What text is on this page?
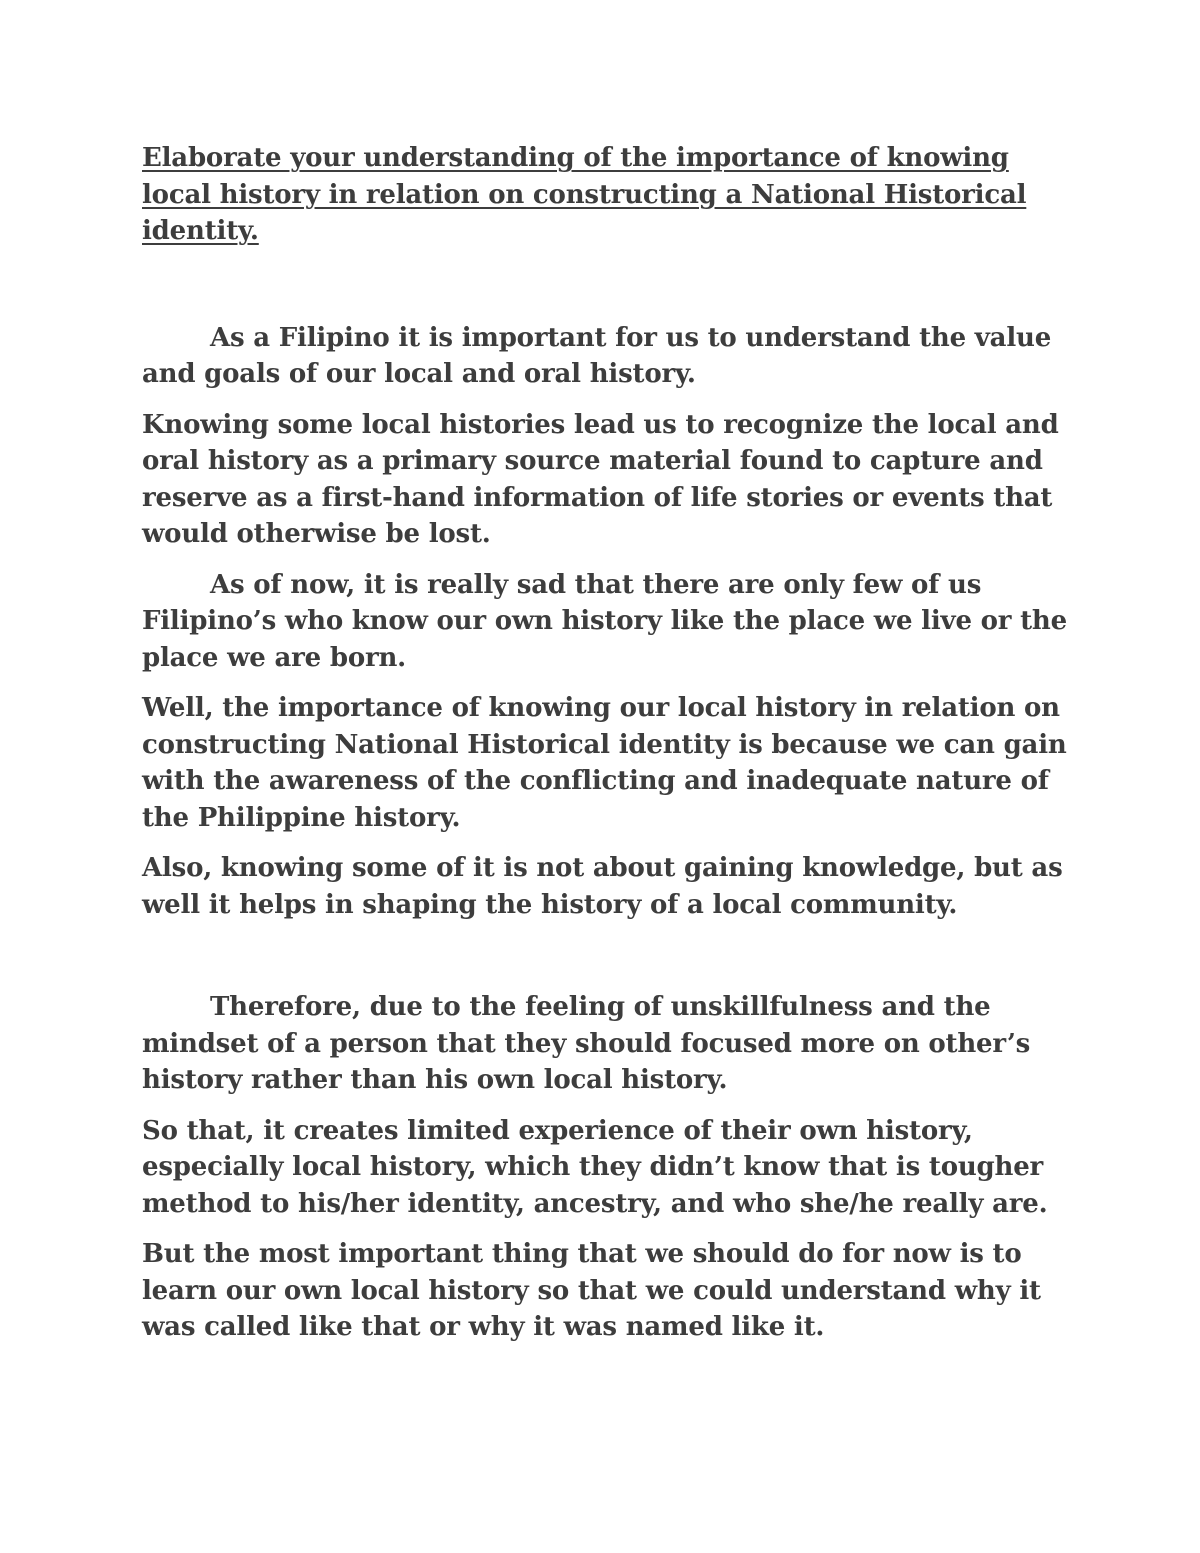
Elaborate your understanding of the importance of knowing local history in relation on constructing a National Historical identity.

As a Filipino it is important for us to understand the value and goals of our local and oral history.

Knowing some local histories lead us to recognize the local and oral history as a primary source material found to capture and reserve as a first-hand information of life stories or events that would otherwise be lost.

As of now, it is really sad that there are only few of us Filipino’s who know our own history like the place we live or the place we are born.

Well, the importance of knowing our local history in relation on constructing National Historical identity is because we can gain with the awareness of the conflicting and inadequate nature of the Philippine history.

Also, knowing some of it is not about gaining knowledge, but as well it helps in shaping the history of a local community.

Therefore, due to the feeling of unskillfulness and the mindset of a person that they should focused more on other’s history rather than his own local history.

So that, it creates limited experience of their own history, especially local history, which they didn’t know that is tougher method to his/her identity, ancestry, and who she/he really are.

But the most important thing that we should do for now is to learn our own local history so that we could understand why it was called like that or why it was named like it.
